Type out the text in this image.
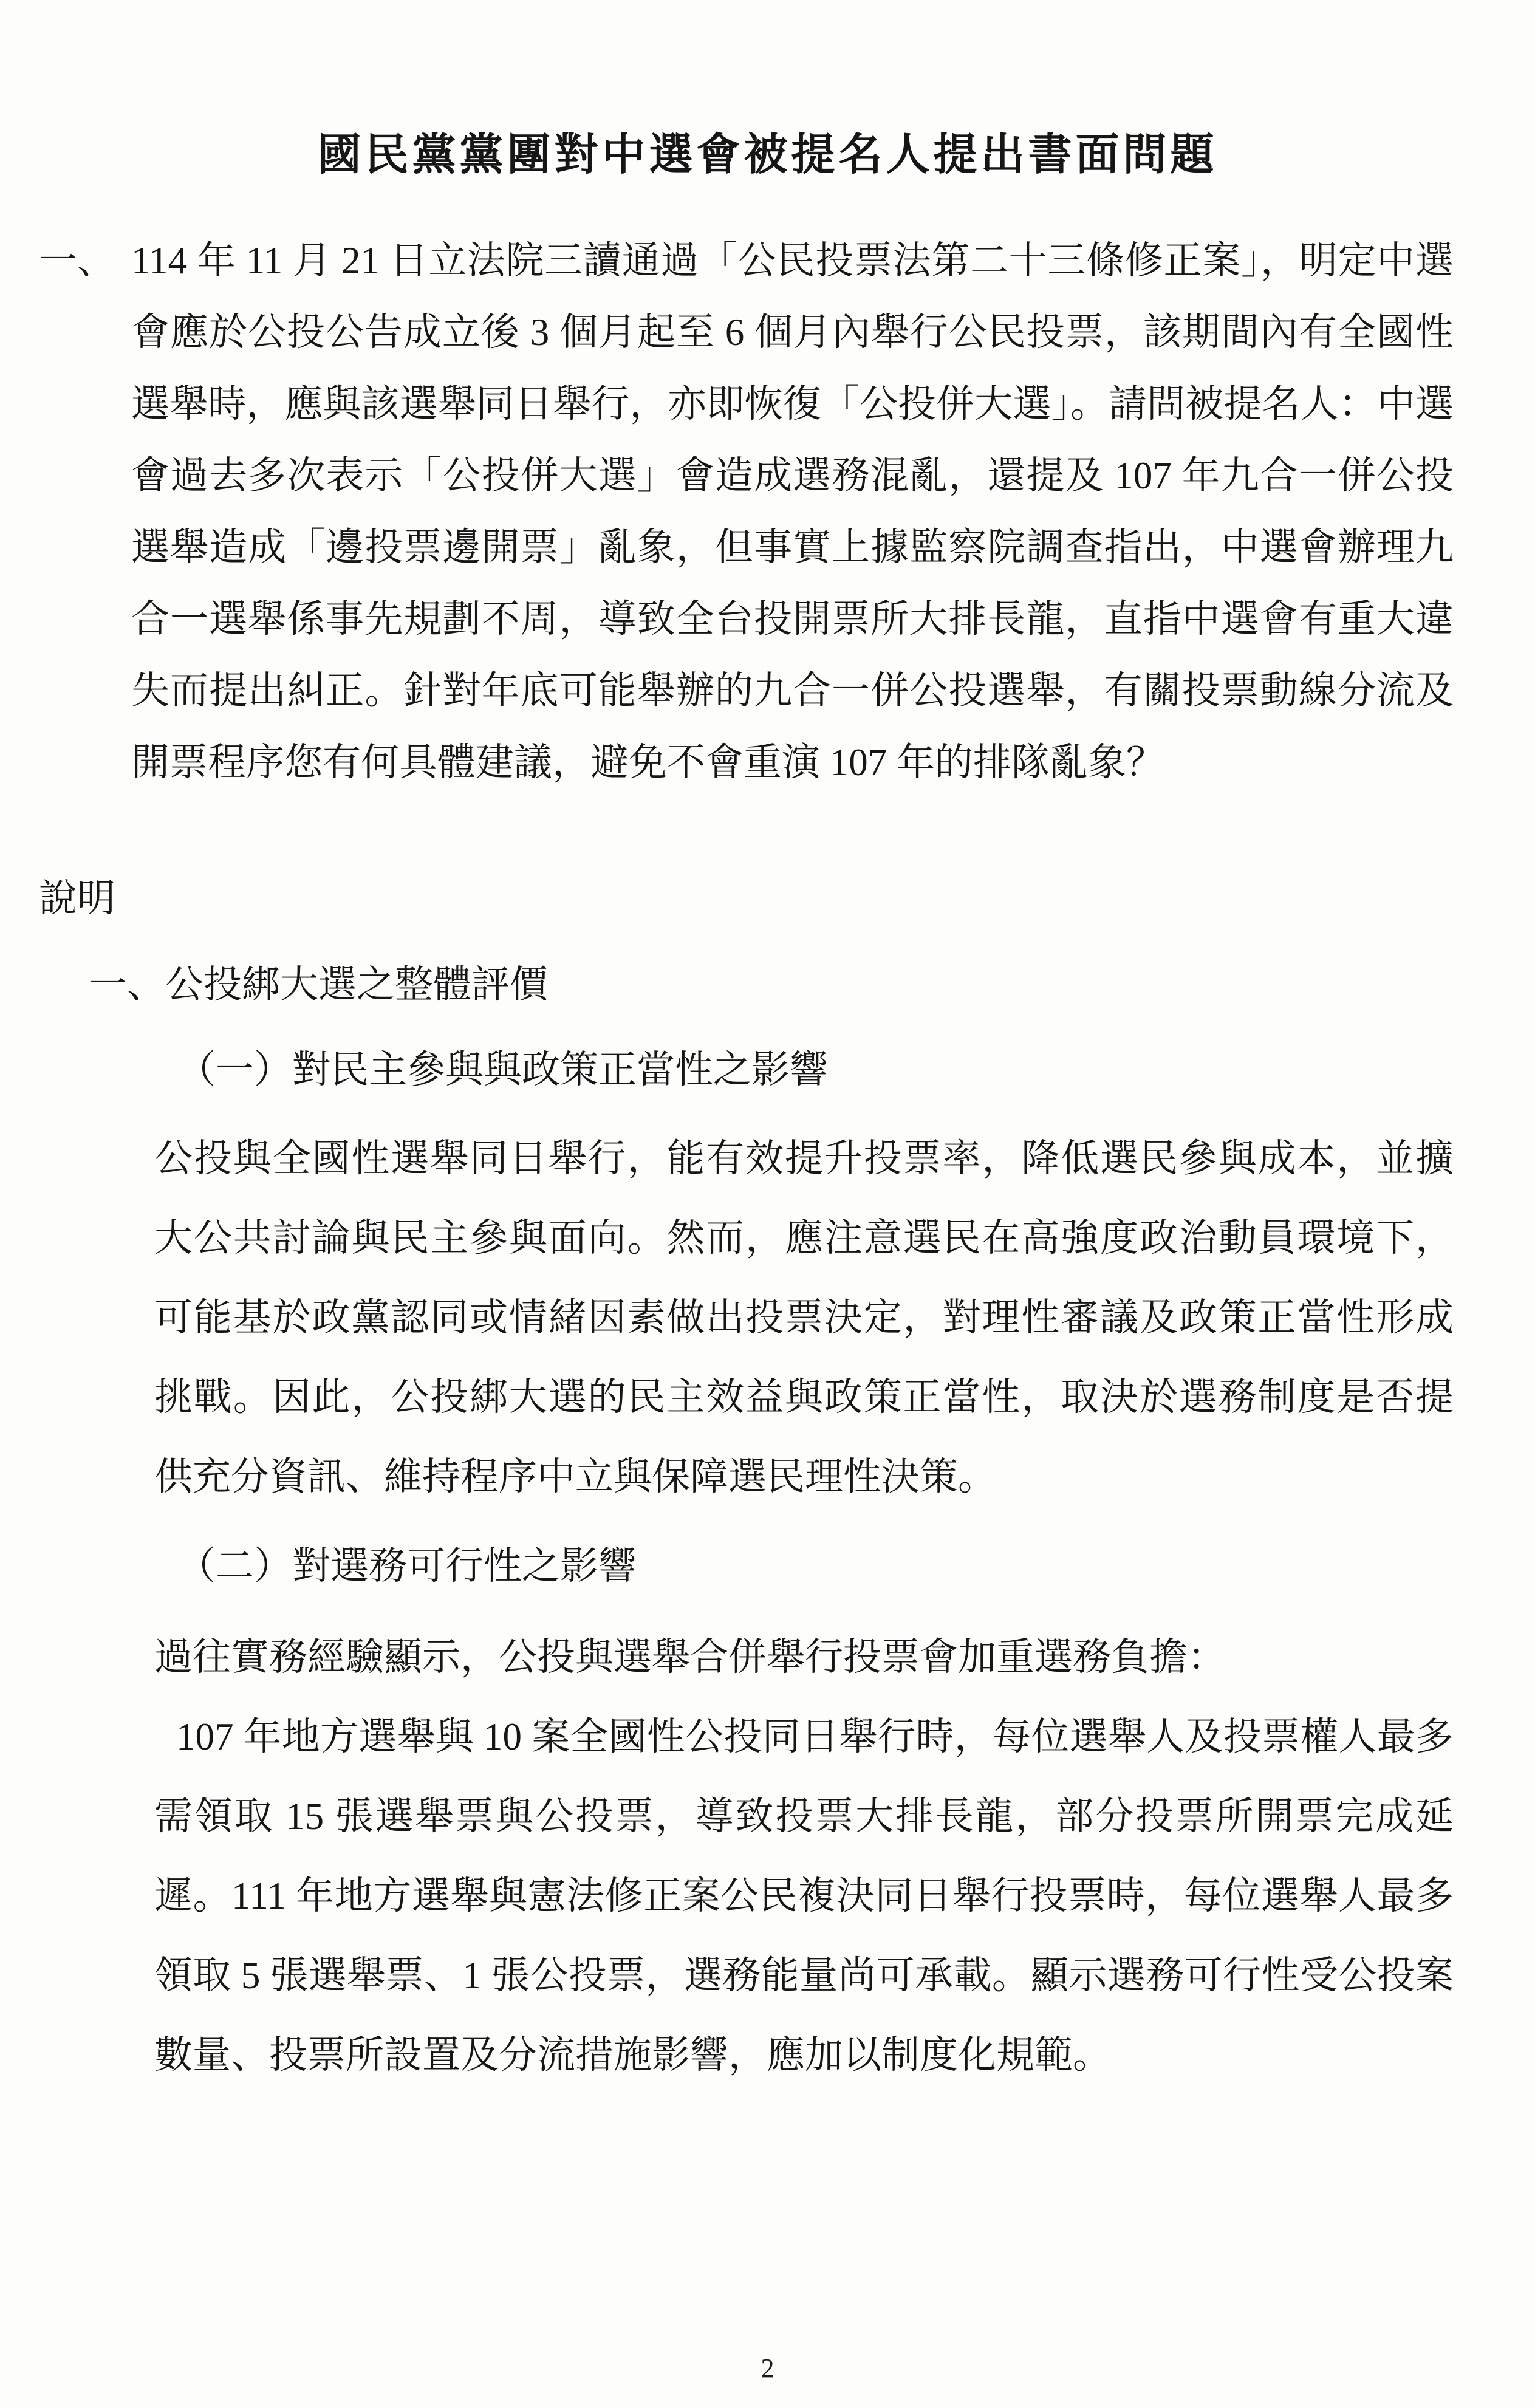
國民黨黨團對中選會被提名人提出書面問題
一、 114 年 11 月 21 日立法院三讀通過「公民投票法第二十三條修正案」，明定中選會應於公投公告成立後 3 個月起至 6 個月內舉行公民投票，該期間內有全國性選舉時，應與該選舉同日舉行，亦即恢復「公投併大選」。請問被提名人：中選會過去多次表示「公投併大選」會造成選務混亂，還提及 107 年九合一併公投選舉造成「邊投票邊開票」亂象，但事實上據監察院調查指出，中選會辦理九合一選舉係事先規劃不周，導致全台投開票所大排長龍，直指中選會有重大違失而提出糾正。針對年底可能舉辦的九合一併公投選舉，有關投票動線分流及開票程序您有何具體建議，避免不會重演 107 年的排隊亂象？
說明
一、公投綁大選之整體評價
（一）對民主參與與政策正當性之影響
公投與全國性選舉同日舉行，能有效提升投票率，降低選民參與成本，並擴大公共討論與民主參與面向。然而，應注意選民在高強度政治動員環境下，可能基於政黨認同或情緒因素做出投票決定，對理性審議及政策正當性形成挑戰。因此，公投綁大選的民主效益與政策正當性，取決於選務制度是否提供充分資訊、維持程序中立與保障選民理性決策。
（二）對選務可行性之影響
過往實務經驗顯示，公投與選舉合併舉行投票會加重選務負擔：
107 年地方選舉與 10 案全國性公投同日舉行時，每位選舉人及投票權人最多需領取 15 張選舉票與公投票，導致投票大排長龍，部分投票所開票完成延遲。111 年地方選舉與憲法修正案公民複決同日舉行投票時，每位選舉人最多領取 5 張選舉票、1 張公投票，選務能量尚可承載。顯示選務可行性受公投案數量、投票所設置及分流措施影響，應加以制度化規範。
2
